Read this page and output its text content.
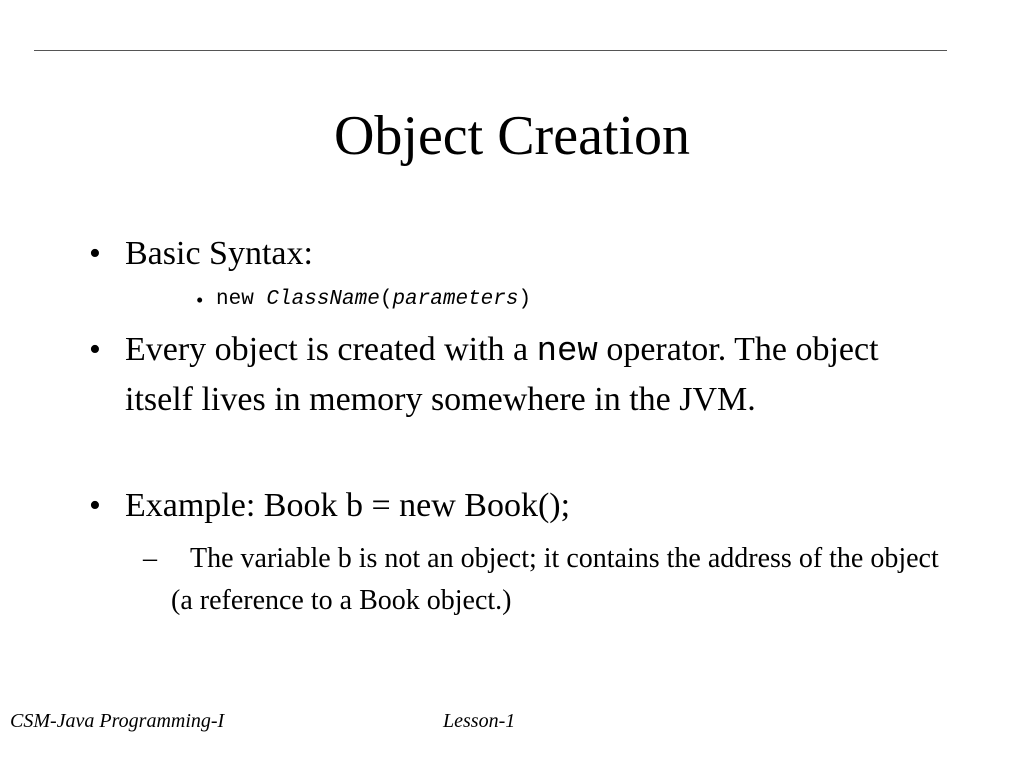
Object Creation
• Basic Syntax:
• new ClassName(parameters)
• Every object is created with a new operator. The object itself lives in memory somewhere in the JVM.
• Example: Book b = new Book();
– The variable b is not an object; it contains the address of the object (a reference to a Book object.)
CSM-Java Programming-I	Lesson-1
